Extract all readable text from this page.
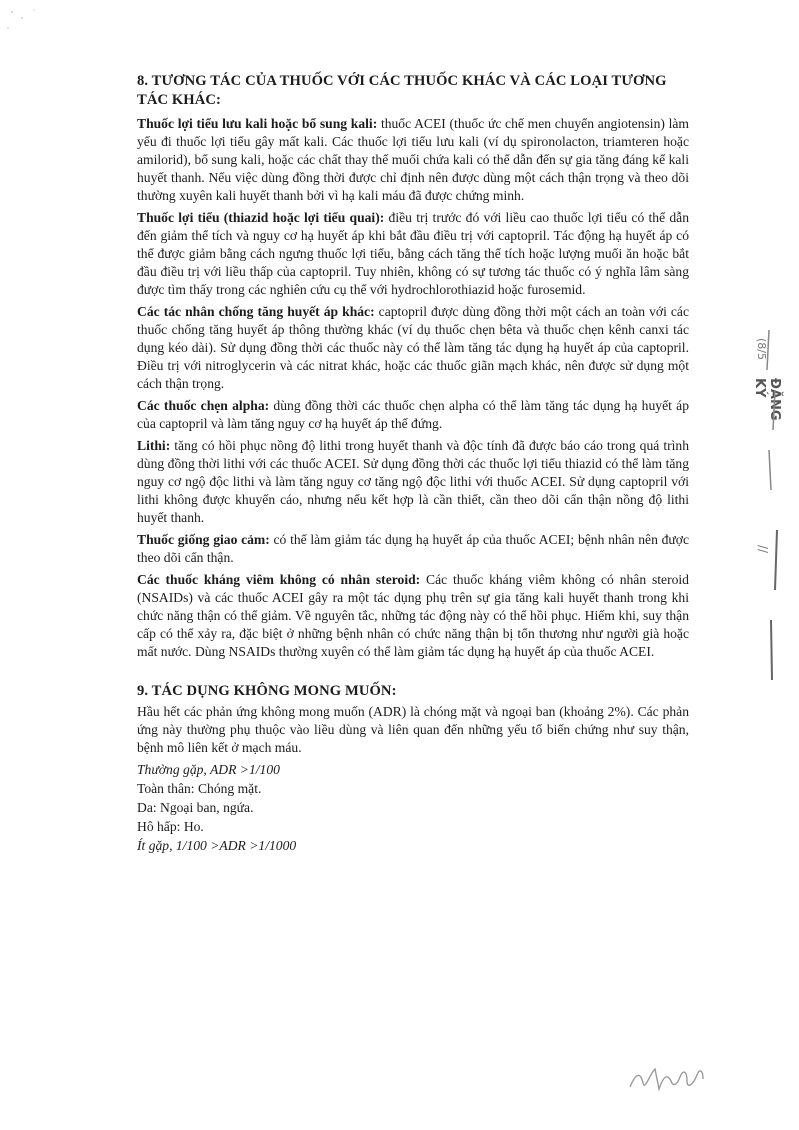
8. TƯƠNG TÁC CỦA THUỐC VỚI CÁC THUỐC KHÁC VÀ CÁC LOẠI TƯƠNG TÁC KHÁC:

Thuốc lợi tiểu lưu kali hoặc bổ sung kali: thuốc ACEI (thuốc ức chế men chuyển angiotensin) làm yếu đi thuốc lợi tiểu gây mất kali. Các thuốc lợi tiểu lưu kali (ví dụ spironolacton, triamteren hoặc amilorid), bổ sung kali, hoặc các chất thay thế muối chứa kali có thể dẫn đến sự gia tăng đáng kể kali huyết thanh. Nếu việc dùng đồng thời được chỉ định nên được dùng một cách thận trọng và theo dõi thường xuyên kali huyết thanh bởi vì hạ kali máu đã được chứng minh.

Thuốc lợi tiểu (thiazid hoặc lợi tiểu quai): điều trị trước đó với liều cao thuốc lợi tiểu có thể dẫn đến giảm thể tích và nguy cơ hạ huyết áp khi bắt đầu điều trị với captopril. Tác động hạ huyết áp có thể được giảm bằng cách ngưng thuốc lợi tiểu, bằng cách tăng thể tích hoặc lượng muối ăn hoặc bắt đầu điều trị với liều thấp của captopril. Tuy nhiên, không có sự tương tác thuốc có ý nghĩa lâm sàng được tìm thấy trong các nghiên cứu cụ thể với hydrochlorothiazid hoặc furosemid.

Các tác nhân chống tăng huyết áp khác: captopril được dùng đồng thời một cách an toàn với các thuốc chống tăng huyết áp thông thường khác (ví dụ thuốc chẹn bêta và thuốc chẹn kênh canxi tác dụng kéo dài). Sử dụng đồng thời các thuốc này có thể làm tăng tác dụng hạ huyết áp của captopril. Điều trị với nitroglycerin và các nitrat khác, hoặc các thuốc giãn mạch khác, nên được sử dụng một cách thận trọng.

Các thuốc chẹn alpha: dùng đồng thời các thuốc chẹn alpha có thể làm tăng tác dụng hạ huyết áp của captopril và làm tăng nguy cơ hạ huyết áp thế đứng.

Lithi: tăng có hồi phục nồng độ lithi trong huyết thanh và độc tính đã được báo cáo trong quá trình dùng đồng thời lithi với các thuốc ACEI. Sử dụng đồng thời các thuốc lợi tiểu thiazid có thể làm tăng nguy cơ ngộ độc lithi và làm tăng nguy cơ tăng ngộ độc lithi với thuốc ACEI. Sử dụng captopril với lithi không được khuyến cáo, nhưng nếu kết hợp là cần thiết, cần theo dõi cẩn thận nồng độ lithi huyết thanh.

Thuốc giống giao cảm: có thể làm giảm tác dụng hạ huyết áp của thuốc ACEI; bệnh nhân nên được theo dõi cẩn thận.

Các thuốc kháng viêm không có nhân steroid: Các thuốc kháng viêm không có nhân steroid (NSAIDs) và các thuốc ACEI gây ra một tác dụng phụ trên sự gia tăng kali huyết thanh trong khi chức năng thận có thể giảm. Về nguyên tắc, những tác động này có thể hồi phục. Hiếm khi, suy thận cấp có thể xảy ra, đặc biệt ở những bệnh nhân có chức năng thận bị tổn thương như người già hoặc mất nước. Dùng NSAIDs thường xuyên có thể làm giảm tác dụng hạ huyết áp của thuốc ACEI.

9. TÁC DỤNG KHÔNG MONG MUỐN:

Hầu hết các phản ứng không mong muốn (ADR) là chóng mặt và ngoại ban (khoảng 2%). Các phản ứng này thường phụ thuộc vào liều dùng và liên quan đến những yếu tố biến chứng như suy thận, bệnh mô liên kết ở mạch máu.

Thường gặp, ADR >1/100

Toàn thân: Chóng mặt.

Da: Ngoại ban, ngứa.

Hô hấp: Ho.

Ít gặp, 1/100 >ADR >1/1000

(8/5
ĐĂNG KÝ
//
